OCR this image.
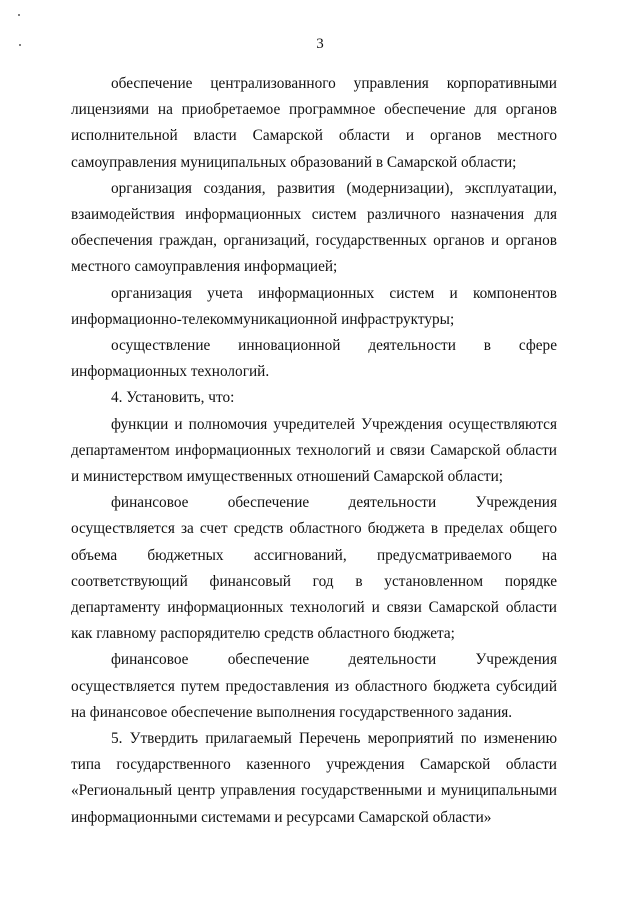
3

обеспечение централизованного управления корпоративными лицензиями на приобретаемое программное обеспечение для органов исполнительной власти Самарской области и органов местного самоуправления муниципальных образований в Самарской области;

организация создания, развития (модернизации), эксплуатации, взаимодействия информационных систем различного назначения для обеспечения граждан, организаций, государственных органов и органов местного самоуправления информацией;

организация учета информационных систем и компонентов информационно-телекоммуникационной инфраструктуры;

осуществление инновационной деятельности в сфере информационных технологий.

4. Установить, что:

функции и полномочия учредителей Учреждения осуществляются департаментом информационных технологий и связи Самарской области и министерством имущественных отношений Самарской области;

финансовое обеспечение деятельности Учреждения осуществляется за счет средств областного бюджета в пределах общего объема бюджетных ассигнований, предусматриваемого на соответствующий финансовый год в установленном порядке департаменту информационных технологий и связи Самарской области как главному распорядителю средств областного бюджета;

финансовое обеспечение деятельности Учреждения осуществляется путем предоставления из областного бюджета субсидий на финансовое обеспечение выполнения государственного задания.

5. Утвердить прилагаемый Перечень мероприятий по изменению типа государственного казенного учреждения Самарской области «Региональный центр управления государственными и муниципальными информационными системами и ресурсами Самарской области»
